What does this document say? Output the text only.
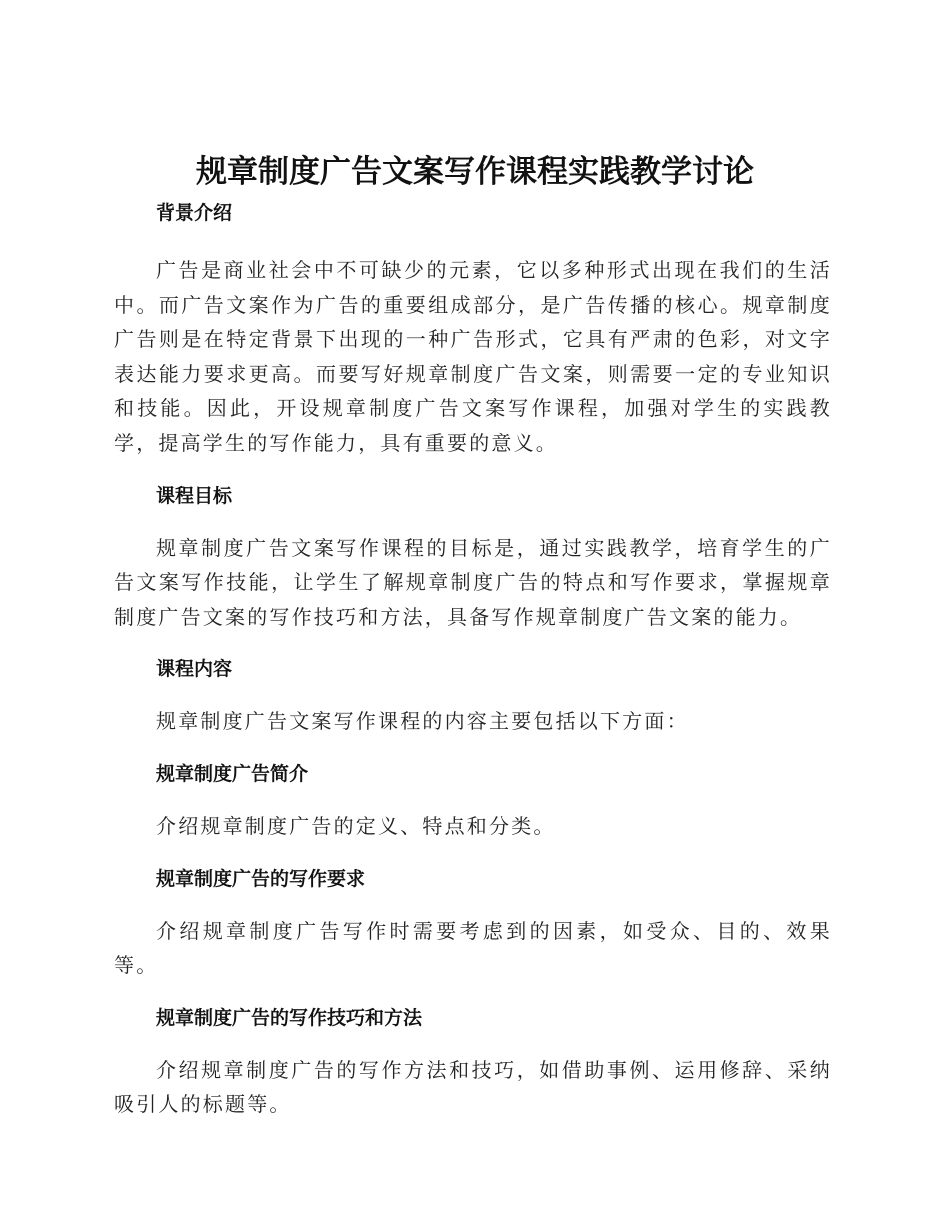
规章制度广告文案写作课程实践教学讨论
背景介绍

广告是商业社会中不可缺少的元素，它以多种形式出现在我们的生活中。而广告文案作为广告的重要组成部分，是广告传播的核心。规章制度广告则是在特定背景下出现的一种广告形式，它具有严肃的色彩，对文字表达能力要求更高。而要写好规章制度广告文案，则需要一定的专业知识和技能。因此，开设规章制度广告文案写作课程，加强对学生的实践教学，提高学生的写作能力，具有重要的意义。

课程目标

规章制度广告文案写作课程的目标是，通过实践教学，培育学生的广告文案写作技能，让学生了解规章制度广告的特点和写作要求，掌握规章制度广告文案的写作技巧和方法，具备写作规章制度广告文案的能力。

课程内容

规章制度广告文案写作课程的内容主要包括以下方面：

规章制度广告简介

介绍规章制度广告的定义、特点和分类。

规章制度广告的写作要求

介绍规章制度广告写作时需要考虑到的因素，如受众、目的、效果等。

规章制度广告的写作技巧和方法

介绍规章制度广告的写作方法和技巧，如借助事例、运用修辞、采纳吸引人的标题等。
